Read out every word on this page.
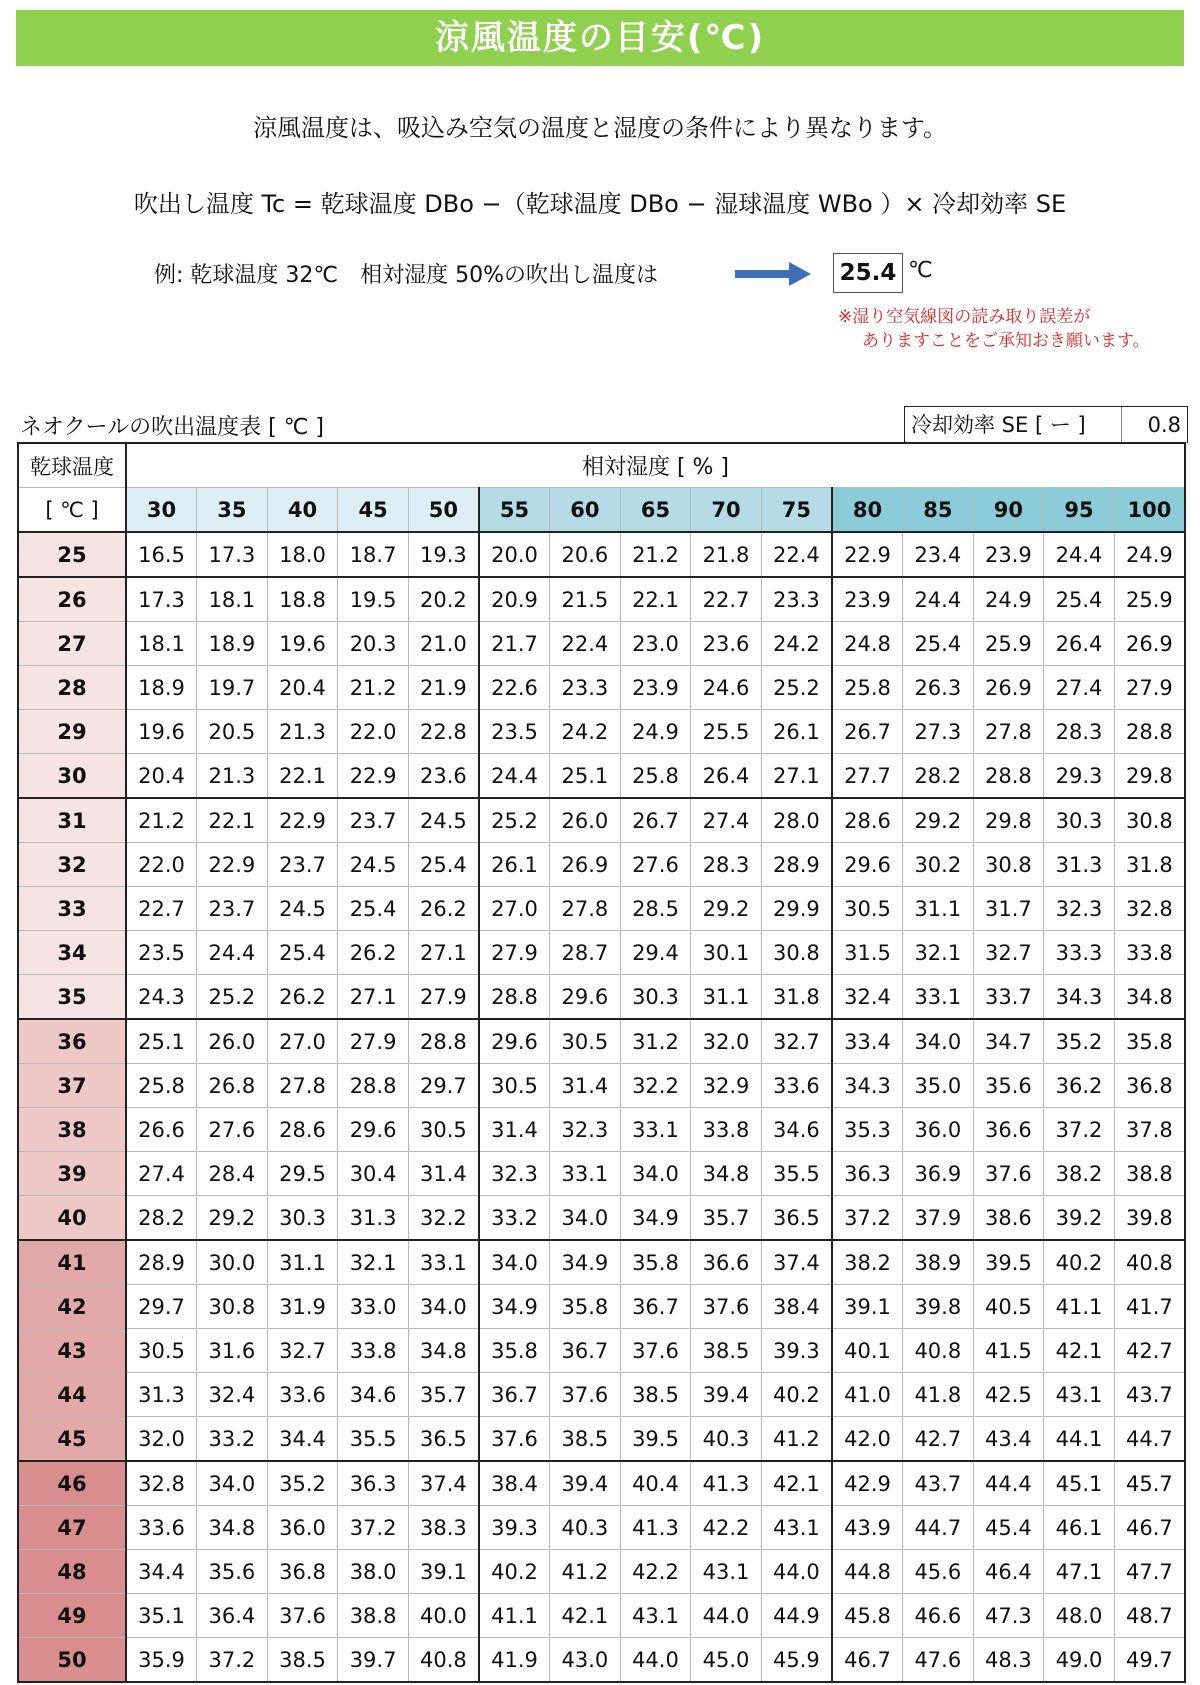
涼風温度の目安(℃)
涼風温度は、吸込み空気の温度と湿度の条件により異なります。
吹出し温度 Tc = 乾球温度 DBo −（乾球温度 DBo − 湿球温度 WBo ）× 冷却効率 SE
例: 乾球温度 32℃　相対湿度 50%の吹出し温度は	25.4 ℃
※湿り空気線図の読み取り誤差が
ありますことをご承知おき願います。
ネオクールの吹出温度表 [ ℃ ]	冷却効率 SE [ ー ]	0.8
乾球温度	相対湿度 [ % ]														
[ ℃ ]	30	35	40	45	50	55	60	65	70	75	80	85	90	95	100
25	16.5	17.3	18.0	18.7	19.3	20.0	20.6	21.2	21.8	22.4	22.9	23.4	23.9	24.4	24.9
26	17.3	18.1	18.8	19.5	20.2	20.9	21.5	22.1	22.7	23.3	23.9	24.4	24.9	25.4	25.9
27	18.1	18.9	19.6	20.3	21.0	21.7	22.4	23.0	23.6	24.2	24.8	25.4	25.9	26.4	26.9
28	18.9	19.7	20.4	21.2	21.9	22.6	23.3	23.9	24.6	25.2	25.8	26.3	26.9	27.4	27.9
29	19.6	20.5	21.3	22.0	22.8	23.5	24.2	24.9	25.5	26.1	26.7	27.3	27.8	28.3	28.8
30	20.4	21.3	22.1	22.9	23.6	24.4	25.1	25.8	26.4	27.1	27.7	28.2	28.8	29.3	29.8
31	21.2	22.1	22.9	23.7	24.5	25.2	26.0	26.7	27.4	28.0	28.6	29.2	29.8	30.3	30.8
32	22.0	22.9	23.7	24.5	25.4	26.1	26.9	27.6	28.3	28.9	29.6	30.2	30.8	31.3	31.8
33	22.7	23.7	24.5	25.4	26.2	27.0	27.8	28.5	29.2	29.9	30.5	31.1	31.7	32.3	32.8
34	23.5	24.4	25.4	26.2	27.1	27.9	28.7	29.4	30.1	30.8	31.5	32.1	32.7	33.3	33.8
35	24.3	25.2	26.2	27.1	27.9	28.8	29.6	30.3	31.1	31.8	32.4	33.1	33.7	34.3	34.8
36	25.1	26.0	27.0	27.9	28.8	29.6	30.5	31.2	32.0	32.7	33.4	34.0	34.7	35.2	35.8
37	25.8	26.8	27.8	28.8	29.7	30.5	31.4	32.2	32.9	33.6	34.3	35.0	35.6	36.2	36.8
38	26.6	27.6	28.6	29.6	30.5	31.4	32.3	33.1	33.8	34.6	35.3	36.0	36.6	37.2	37.8
39	27.4	28.4	29.5	30.4	31.4	32.3	33.1	34.0	34.8	35.5	36.3	36.9	37.6	38.2	38.8
40	28.2	29.2	30.3	31.3	32.2	33.2	34.0	34.9	35.7	36.5	37.2	37.9	38.6	39.2	39.8
41	28.9	30.0	31.1	32.1	33.1	34.0	34.9	35.8	36.6	37.4	38.2	38.9	39.5	40.2	40.8
42	29.7	30.8	31.9	33.0	34.0	34.9	35.8	36.7	37.6	38.4	39.1	39.8	40.5	41.1	41.7
43	30.5	31.6	32.7	33.8	34.8	35.8	36.7	37.6	38.5	39.3	40.1	40.8	41.5	42.1	42.7
44	31.3	32.4	33.6	34.6	35.7	36.7	37.6	38.5	39.4	40.2	41.0	41.8	42.5	43.1	43.7
45	32.0	33.2	34.4	35.5	36.5	37.6	38.5	39.5	40.3	41.2	42.0	42.7	43.4	44.1	44.7
46	32.8	34.0	35.2	36.3	37.4	38.4	39.4	40.4	41.3	42.1	42.9	43.7	44.4	45.1	45.7
47	33.6	34.8	36.0	37.2	38.3	39.3	40.3	41.3	42.2	43.1	43.9	44.7	45.4	46.1	46.7
48	34.4	35.6	36.8	38.0	39.1	40.2	41.2	42.2	43.1	44.0	44.8	45.6	46.4	47.1	47.7
49	35.1	36.4	37.6	38.8	40.0	41.1	42.1	43.1	44.0	44.9	45.8	46.6	47.3	48.0	48.7
50	35.9	37.2	38.5	39.7	40.8	41.9	43.0	44.0	45.0	45.9	46.7	47.6	48.3	49.0	49.7
